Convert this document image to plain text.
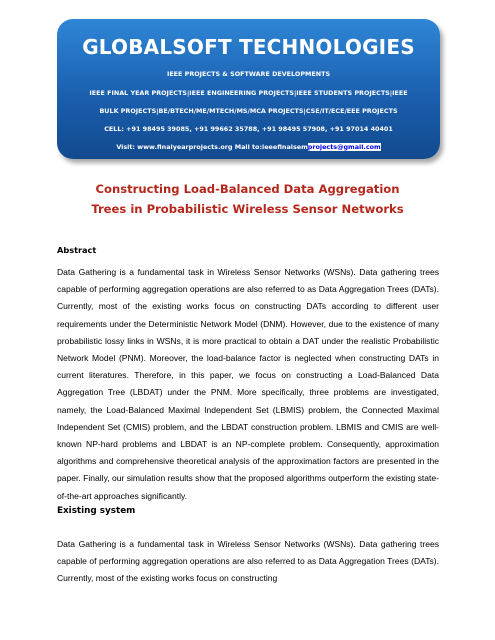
GLOBALSOFT TECHNOLOGIES
IEEE PROJECTS & SOFTWARE DEVELOPMENTS
IEEE FINAL YEAR PROJECTS|IEEE ENGINEERING PROJECTS|IEEE STUDENTS PROJECTS|IEEE
BULK PROJECTS|BE/BTECH/ME/MTECH/MS/MCA PROJECTS|CSE/IT/ECE/EEE PROJECTS
CELL: +91 98495 39085, +91 99662 35788, +91 98495 57908, +91 97014 40401
Visit: www.finalyearprojects.org Mail to:ieeefinalsemprojects@gmail.com
Constructing Load-Balanced Data Aggregation Trees in Probabilistic Wireless Sensor Networks
Abstract
Data Gathering is a fundamental task in Wireless Sensor Networks (WSNs). Data gathering trees capable of performing aggregation operations are also referred to as Data Aggregation Trees (DATs). Currently, most of the existing works focus on constructing DATs according to different user requirements under the Deterministic Network Model (DNM). However, due to the existence of many probabilistic lossy links in WSNs, it is more practical to obtain a DAT under the realistic Probabilistic Network Model (PNM). Moreover, the load-balance factor is neglected when constructing DATs in current literatures. Therefore, in this paper, we focus on constructing a Load-Balanced Data Aggregation Tree (LBDAT) under the PNM. More specifically, three problems are investigated, namely, the Load-Balanced Maximal Independent Set (LBMIS) problem, the Connected Maximal Independent Set (CMIS) problem, and the LBDAT construction problem. LBMIS and CMIS are well-known NP-hard problems and LBDAT is an NP-complete problem. Consequently, approximation algorithms and comprehensive theoretical analysis of the approximation factors are presented in the paper. Finally, our simulation results show that the proposed algorithms outperform the existing state-of-the-art approaches significantly.
Existing system
Data Gathering is a fundamental task in Wireless Sensor Networks (WSNs). Data gathering trees capable of performing aggregation operations are also referred to as Data Aggregation Trees (DATs). Currently, most of the existing works focus on constructing
